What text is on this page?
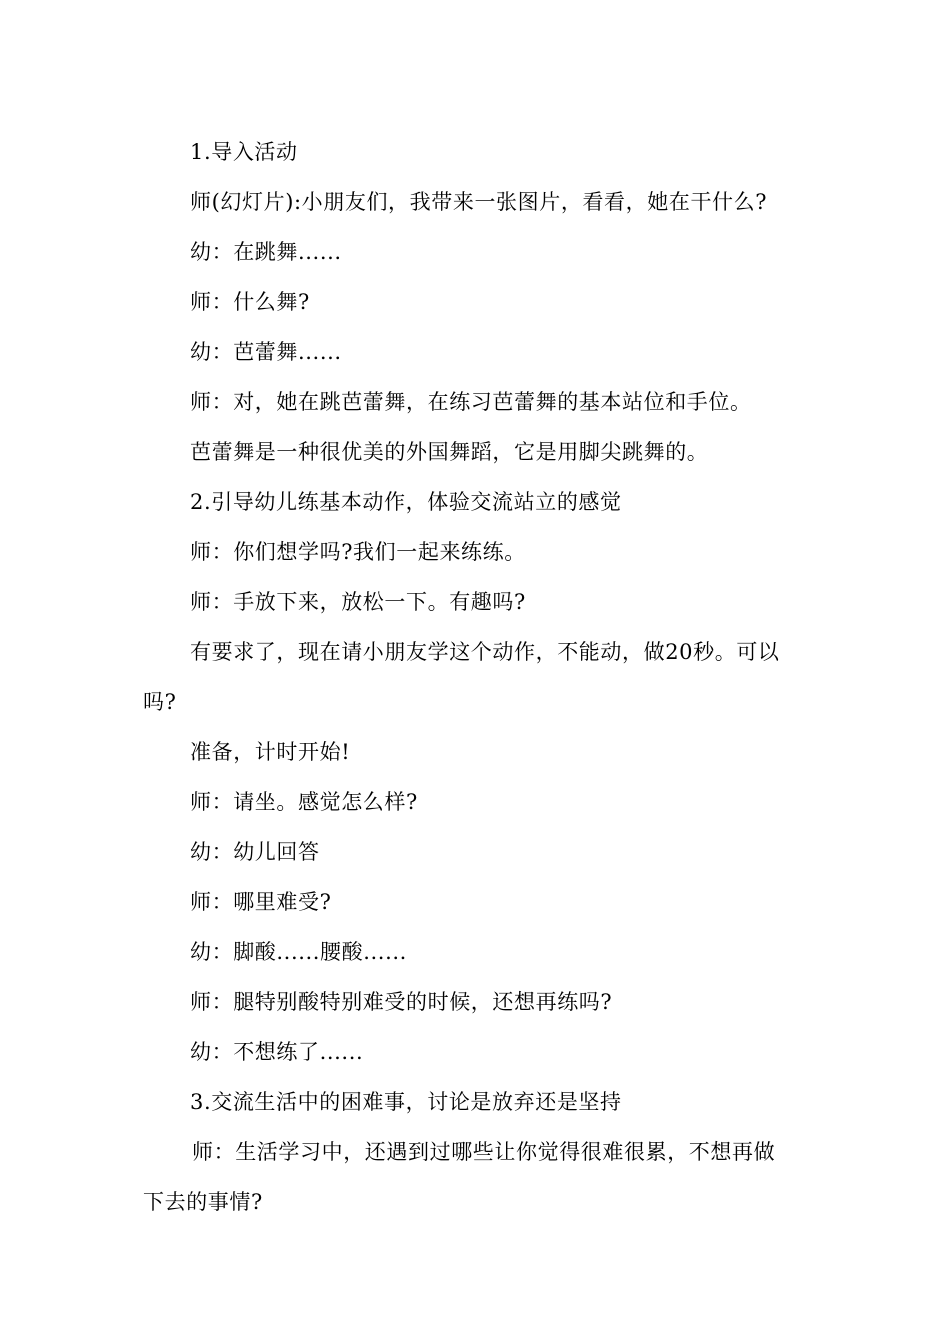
1.导入活动
师(幻灯片):小朋友们，我带来一张图片，看看，她在干什么?
幼：在跳舞......
师：什么舞?
幼：芭蕾舞......
师：对，她在跳芭蕾舞，在练习芭蕾舞的基本站位和手位。
芭蕾舞是一种很优美的外国舞蹈，它是用脚尖跳舞的。
2.引导幼儿练基本动作，体验交流站立的感觉
师：你们想学吗?我们一起来练练。
师：手放下来，放松一下。有趣吗?
有要求了，现在请小朋友学这个动作，不能动，做20秒。可以
吗?
准备，计时开始!
师：请坐。感觉怎么样?
幼：幼儿回答
师：哪里难受?
幼：脚酸......腰酸......
师：腿特别酸特别难受的时候，还想再练吗?
幼：不想练了......
3.交流生活中的困难事，讨论是放弃还是坚持
师：生活学习中，还遇到过哪些让你觉得很难很累，不想再做
下去的事情?
